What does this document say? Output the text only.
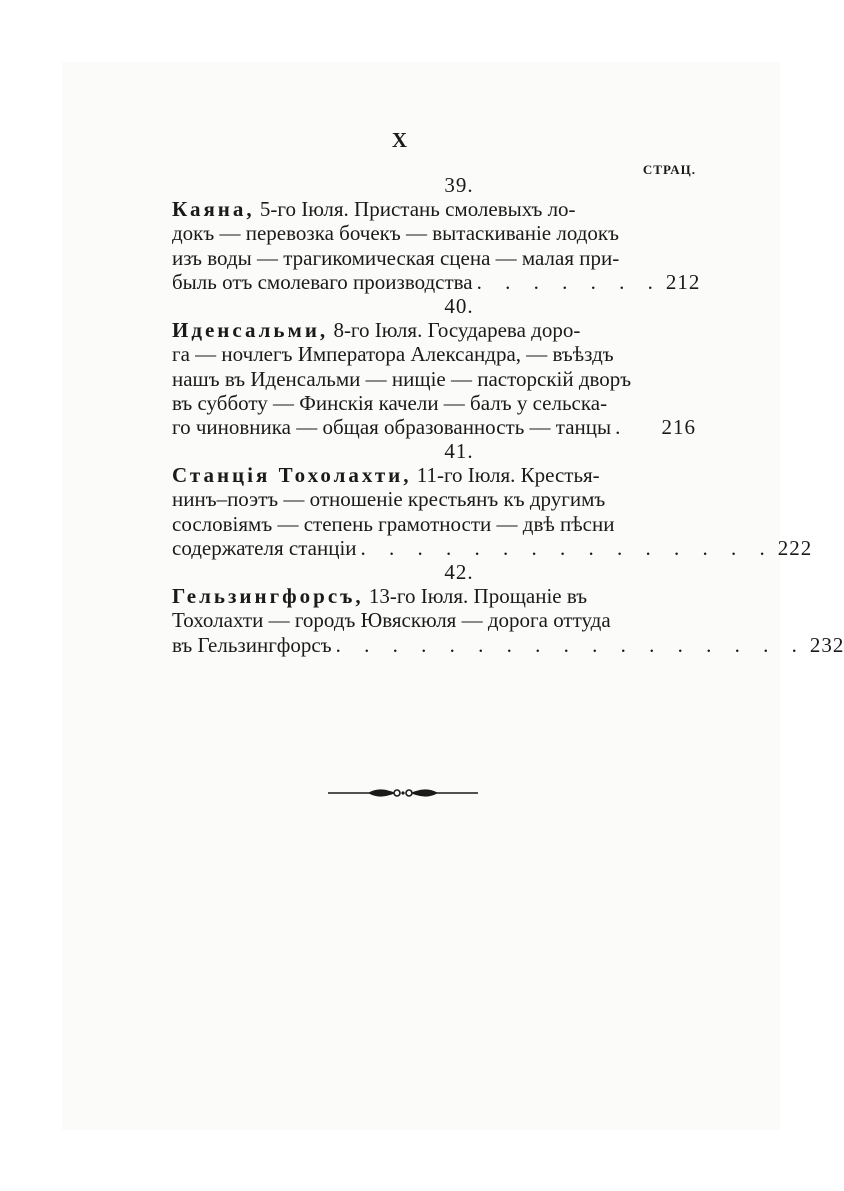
X
СТРАЦ.
39.
Каяна, 5-го Іюля. Пристань смолевыхъ ло-
докъ — перевозка бочекъ — вытаскиваніе лодокъ
изъ воды — трагикомическая сцена — малая при-
быль отъ смолеваго производства . . . . . . . 212
40.
Иденсальми, 8-го Іюля. Государева доро-
га — ночлегъ Императора Александра, — въѣздъ
нашъ въ Иденсальми — нищіе — пасторскій дворъ
въ субботу — Финскія качели — балъ у сельска-
го чиновника — общая образованность — танцы .	216
41.
Станція Тохолахти, 11-го Іюля. Крестья-
нинъ–поэтъ — отношеніе крестьянъ къ другимъ
сословіямъ — степень грамотности — двѣ пѣсни
содержателя станціи . . . . . . . . . . . . . . . 222
42.
Гельзингфорсъ, 13-го Іюля. Прощаніе въ
Тохолахти — городъ Ювяскюля — дорога оттуда
въ Гельзингфорсъ . . . . . . . . . . . . . . . . . 232
